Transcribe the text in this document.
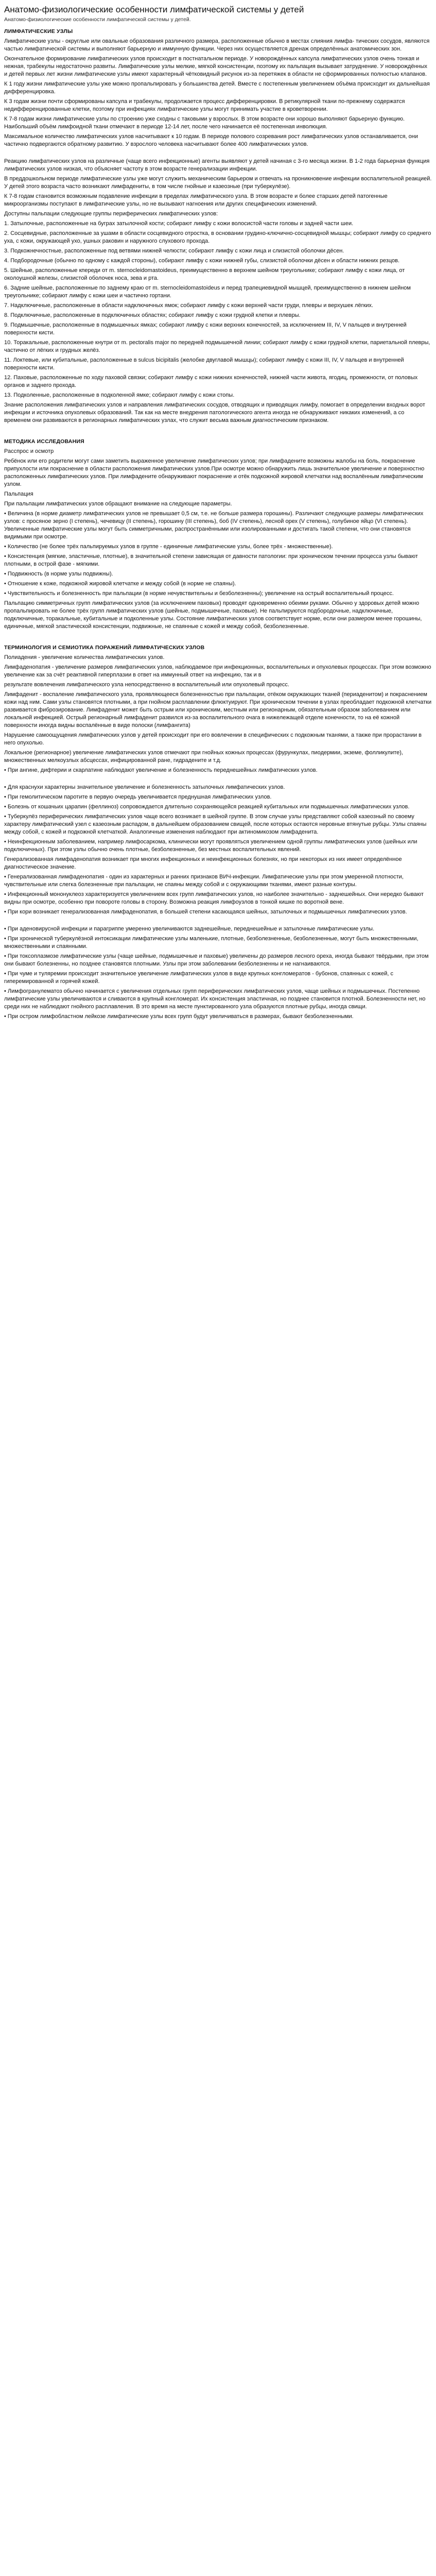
Анатомо-физиологические особенности лимфатической системы у детей
Анатомо-физиологические особенности лимфатической системы у детей.
ЛИМФАТИЧЕСКИЕ УЗЛЫ

Лимфатические узлы - округлые или овальные образования различного размера, расположенные обычно в местах слияния лимфа- тических сосудов, являются частью лимфатической системы и выполняют барьерную и иммунную функции. Через них осуществляется дренаж определённых анатомических зон.

Окончательное формирование лимфатических узлов происходит в постнатальном периоде. У новорождённых капсула лимфатических узлов очень тонкая и нежная, трабекулы недостаточно развиты. Лимфатические узлы мелкие, мягкой консистенции, поэтому их пальпация вызывает затруднение. У новорождённых и детей первых лет жизни лимфатические узлы имеют характерный чётковидный рисунок из-за перетяжек в области не сформированных полностью клапанов.

К 1 году жизни лимфатические узлы уже можно пропальпировать у большинства детей. Вместе с постепенным увеличением объёма происходит их дальнейшая дифференцировка.

К 3 годам жизни почти сформированы капсула и трабекулы, продолжается процесс дифференцировки. В ретикулярной ткани по-прежнему содержатся недифференцированные клетки, поэтому при инфекциях лимфатические узлы могут принимать участие в кроветворении.

К 7-8 годам жизни лимфатические узлы по строению уже сходны с таковыми у взрослых. В этом возрасте они хорошо выполняют барьерную функцию. Наибольший объём лимфоидной ткани отмечают в периоде 12-14 лет, после чего начинается её постепенная инволюция.

Максимальное количество лимфатических узлов насчитывают к 10 годам. В периоде полового созревания рост лимфатических узлов останавливается, они частично подвергаются обратному развитию. У взрослого человека насчитывают более 400 лимфатических узлов.

Реакцию лимфатических узлов на различные (чаще всего инфекционные) агенты выявляют у детей начиная с 3-го месяца жизни. В 1-2 года барьерная функция лимфатических узлов низкая, что объясняет частоту в этом возрасте генерализации инфекции.

В преддошкольном периоде лимфатические узлы уже могут служить механическим барьером и отвечать на проникновение инфекции воспалительной реакцией. У детей этого возраста часто возникают лимфадениты, в том числе гнойные и казеозные (при туберкулёзе).

К 7-8 годам становится возможным подавление инфекции в пределах лимфатического узла. В этом возрасте и более старших детей патогенные микроорганизмы поступают в лимфатические узлы, но не вызывают нагноения или других специфических изменений.

Доступны пальпации следующие группы периферических лимфатических узлов:

1. Затылочные, расположенные на буграх затылочной кости; собирают лимфу с кожи волосистой части головы и задней части шеи.

2. Сосцевидные, расположенные за ушами в области сосцевидного отростка, в основании грудино-ключично-сосцевидной мышцы; собирают лимфу со среднего уха, с кожи, окружающей ухо, ушных раковин и наружного слухового прохода.

3. Подкожнечностные, расположенные под ветвями нижней челюсти; собирают лимфу с кожи лица и слизистой оболочки дёсен.

4. Подбородочные (обычно по одному с каждой стороны), собирают лимфу с кожи нижней губы, слизистой оболочки дёсен и области нижних резцов.

5. Шейные, расположенные кпереди от m. sternocleidomastoideus, преимущественно в верхнем шейном треугольнике; собирают лимфу с кожи лица, от околоушной железы, слизистой оболочек носа, зева и рта.

6. Задние шейные, расположенные по заднему краю от m. sternocleidomastoideus и перед трапециевидной мышцей, преимущественно в нижнем шейном треугольнике; собирают лимфу с кожи шеи и частично гортани.

7. Надключичные, расположенные в области надключичных ямок; собирают лимфу с кожи верхней части груди, плевры и верхушек лёгких.

8. Подключичные, расположенные в подключичных областях; собирают лимфу с кожи грудной клетки и плевры.

9. Подмышечные, расположенные в подмышечных ямках; собирают лимфу с кожи верхних конечностей, за исключением III, IV, V пальцев и внутренней поверхности кисти.

10. Торакальные, расположенные кнутри от m. pectoralis major по передней подмышечной линии; собирают лимфу с кожи грудной клетки, париетальной плевры, частично от лёгких и грудных желёз.

11. Локтевые, или кубитальные, расположенные в sulcus bicipitalis (желобке двуглавой мышцы); собирают лимфу с кожи III, IV, V пальцев и внутренней поверхности кисти.

12. Паховые, расположенные по ходу паховой связки; собирают лимфу с кожи нижних конечностей, нижней части живота, ягодиц, промежности, от половых органов и заднего прохода.

13. Подколенные, расположенные в подколенной ямке; собирают лимфу с кожи стопы.

Знание расположения лимфатических узлов и направления лимфатических сосудов, отводящих и приводящих лимфу, помогает в определении входных ворот инфекции и источника опухолевых образований. Так как на месте внедрения патологического агента иногда не обнаруживают никаких изменений, а со временем они развиваются в регионарных лимфатических узлах, что служит весьма важным диагностическим признаком.

МЕТОДИКА ИССЛЕДОВАНИЯ
Расспрос и осмотр

Ребёнок или его родители могут сами заметить выраженное увеличение лимфатических узлов; при лимфадените возможны жалобы на боль, покраснение припухлости или покраснение в области расположения лимфатических узлов.При осмотре можно обнаружить лишь значительное увеличение и поверхностно расположенных лимфатических узлов. При лимфадените обнаруживают покраснение и отёк подкожной жировой клетчатки над воспалённым лимфатическим узлом.

Пальпация

При пальпации лимфатических узлов обращают внимание на следующие параметры.

• Величина (в норме диаметр лимфатических узлов не превышает 0,5 см, т.е. не больше размера горошины). Различают следующие размеры лимфатических узлов: с просяное зерно (I степень), чечевицу (II степень), горошину (III степень), боб (IV степень), лесной орех (V степень), голубиное яйцо (VI степень). Увеличенные лимфатические узлы могут быть симметричными, распространёнными или изолированными и достигать такой степени, что они становятся видимыми при осмотре.

• Количество (не более трёх пальпируемых узлов в группе - единичные лимфатические узлы, более трёх - множественные).

• Консистенция (мягкие, эластичные, плотные), в значительной степени зависящая от давности патологии: при хроническом течении процесса узлы бывают плотными, в острой фазе - мягкими.

• Подвижность (в норме узлы подвижны).

• Отношение к коже, подкожной жировой клетчатке и между собой (в норме не спаяны).

• Чувствительность и болезненность при пальпации (в норме нечувствительны и безболезненны); увеличение на острый воспалительный процесс.

Пальпацию симметричных групп лимфатических узлов (за исключением паховых) проводят одновременно обеими руками. Обычно у здоровых детей можно пропальпировать не более трёх групп лимфатических узлов (шейные, подмышечные, паховые). Не пальпируются подбородочные, надключичные, подключичные, торакальные, кубитальные и подколенные узлы. Состояние лимфатических узлов соответствует норме, если они размером менее горошины, единичные, мягкой эластической консистенции, подвижные, не спаянные с кожей и между собой, безболезненные.

ТЕРМИНОЛОГИЯ И СЕМИОТИКА ПОРАЖЕНИЙ ЛИМФАТИЧЕСКИХ УЗЛОВ

Полиадения - увеличение количества лимфатических узлов.

Лимфаденопатия - увеличение размеров лимфатических узлов, наблюдаемое при инфекционных, воспалительных и опухолевых процессах. При этом возможно увеличение как за счёт реактивной гиперплазии в ответ на иммунный ответ на инфекцию, так и в

результате вовлечения лимфатического узла непосредственно в воспалительный или опухолевый процесс.

Лимфаденит - воспаление лимфатического узла, проявляющееся болезненностью при пальпации, отёком окружающих тканей (периаденитом) и покраснением кожи над ним. Сами узлы становятся плотными, а при гнойном расплавлении флюктуируют. При хроническом течении в узлах преобладает подкожной клетчатки развивается фиброзирование. Лимфаденит может быть острым или хроническим, местным или регионарным, обязательным образом заболеванием или локальной инфекцией. Острый регионарный лимфаденит развился из-за воспалительного очага в нижележащей отделе конечности, то на её кожной поверхности иногда видны воспалённые в виде полоски (лимфангита)

Нарушение самоощущения лимфатических узлов у детей происходит при его вовлечении в специфических с подкожным тканями, а также при прорастании в него опухолью.

Локальное (регионарное) увеличение лимфатических узлов отмечают при гнойных кожных процессах (фурункулах, пиодермии, экземе, фолликулите), множественных мелкоузлых абсцессах, инфицированной ране, гидраденитe и т.д.

• При ангине, дифтерии и скарлатине наблюдают увеличение и болезненность переднешейных лимфатических узлов.

• Для краснухи характерны значительное увеличение и болезненность затылочных лимфатических узлов.

• При гемолитическом паротите в первую очередь увеличивается преднушная лимфатических узлов.

• Болезнь от кошачьих царапин (феллиноз) сопровождается длительно сохраняющейся реакцией кубитальных или подмышечных лимфатических узлов.

• Туберкулёз периферических лимфатических узлов чаще всего возникает в шейной группе. В этом случае узлы представляют собой казеозный по своему характеру лимфатический узел с казеозным распадом, в дальнейшем образованием свищей, после которых остаются неровные втянутые рубцы. Узлы спаяны между собой, с кожей и подкожной клетчаткой. Аналогичные изменения наблюдают при актиномикозом лимфаденита.

• Неинфекционным заболеванием, например лимфосаркома, клинически могут проявляться увеличением одной группы лимфатических узлов (шейных или подключичных). При этом узлы обычно очень плотные, безболезненные, без местных воспалительных явлений.

Генерализованная лимфаденопатия возникает при многих инфекционных и неинфекционных болезнях, но при некоторых из них имеет определённое диагностическое значение.

• Генерализованная лимфаденопатия - один из характерных и ранних признаков ВИЧ-инфекции. Лимфатические узлы при этом умеренной плотности, чувствительные или слегка болезненные при пальпации, не спаяны между собой и с окружающими тканями, имеют разные контуры.

• Инфекционный мононуклеоз характеризуется увеличением всех групп лимфатических узлов, но наиболее значительно - заднешейных. Они нередко бывают видны при осмотре, особенно при повороте головы в сторону. Возможна реакция лимфоузлов в тонкой кишке по воротной вене.

• При кори возникает генерализованная лимфаденопатия, в большей степени касающаяся шейных, затылочных и подмышечных лимфатических узлов.

• При аденовирусной инфекции и парагриппе умеренно увеличиваются заднешейные, переднешейные и затылочные лимфатические узлы.

• При хронической туберкулёзной интоксикации лимфатические узлы маленькие, плотные, безболезненные, безболезненные, могут быть множественными, множественными и спаянными.

• При токсоплазмозе лимфатические узлы (чаще шейные, подмышечные и паховые) увеличены до размеров лесного ореха, иногда бывают твёрдыми, при этом они бывают болезненны, но позднее становятся плотными. Узлы при этом заболевании безболезненны и не нагнаиваются.

• При чуме и туляремии происходит значительное увеличение лимфатических узлов в виде крупных конгломератов - бубонов, спаянных с кожей, с гиперемированной и горячей кожей.

• Лимфогранулематоз обычно начинается с увеличения отдельных групп периферических лимфатических узлов, чаще шейных и подмышечных. Постепенно лимфатические узлы увеличиваются и сливаются в крупный конгломерат. Их консистенция эластичная, но позднее становится плотной. Болезненности нет, но среди них не наблюдают гнойного расплавления. В это время на месте пунктированного узла образуются плотные рубцы, иногда свищи.

• При остром лимфобластном лейкозе лимфатические узлы всех групп будут увеличиваться в размерах, бывают безболезненными.
